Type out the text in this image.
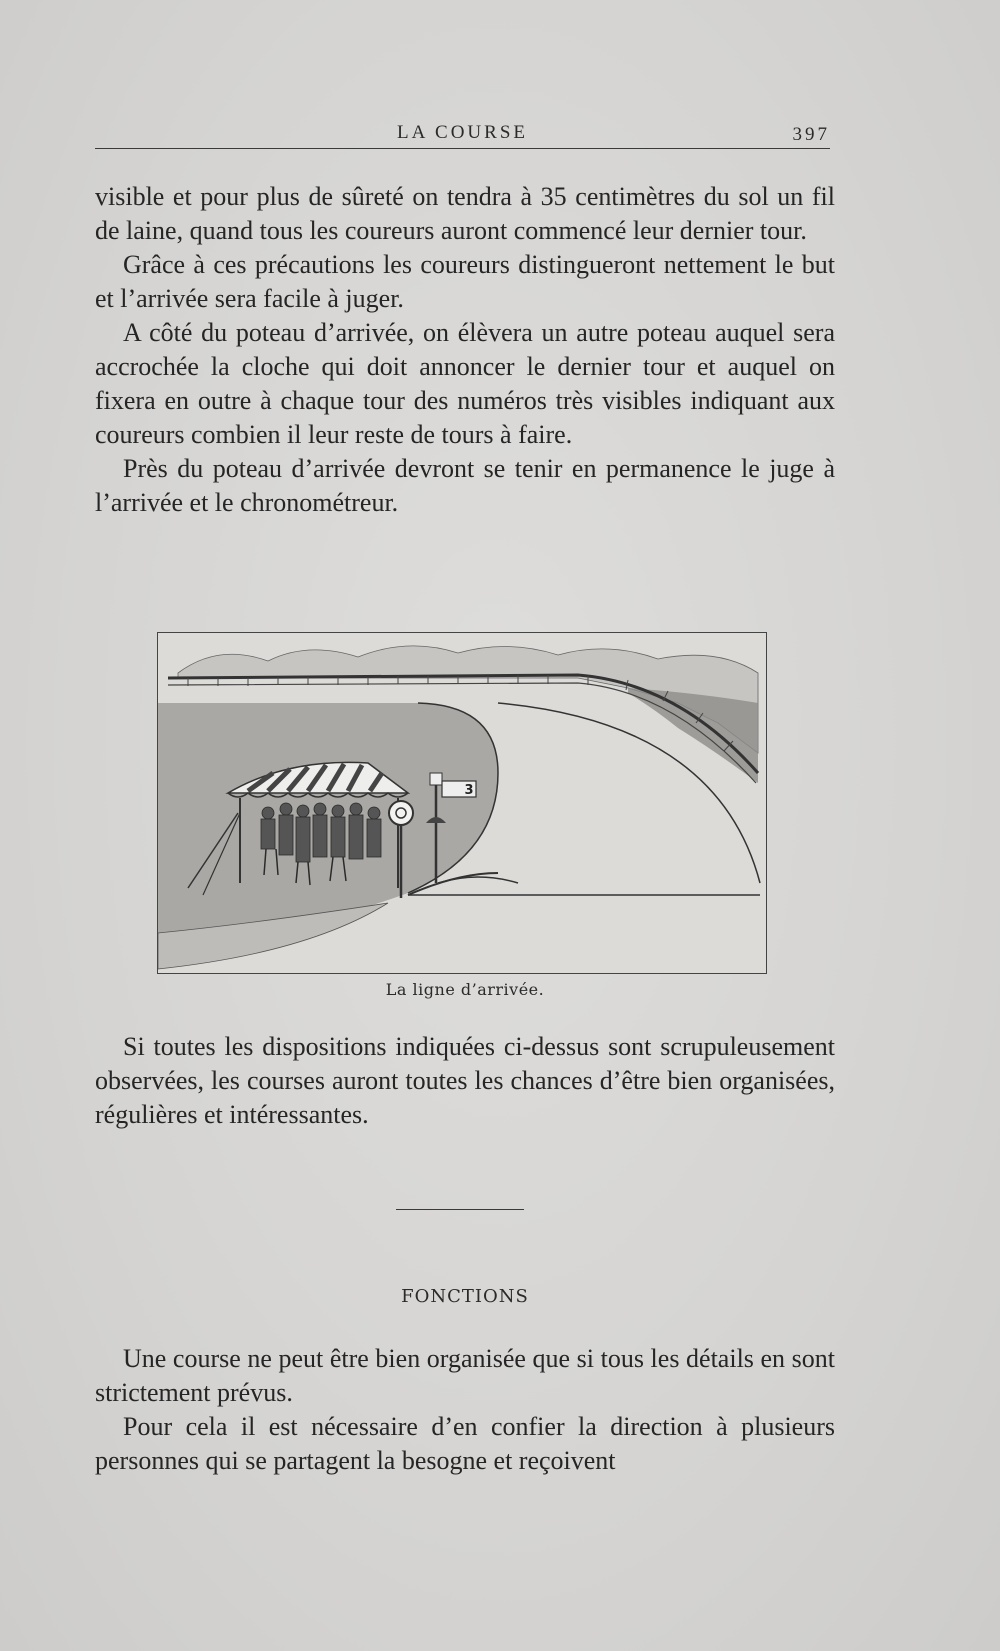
LA COURSE	397

visible et pour plus de sûreté on tendra à 35 centimètres du sol un fil de laine, quand tous les coureurs auront commencé leur dernier tour.

Grâce à ces précautions les coureurs distingueront nettement le but et l’arrivée sera facile à juger.

A côté du poteau d’arrivée, on élèvera un autre poteau auquel sera accrochée la cloche qui doit annoncer le dernier tour et auquel on fixera en outre à chaque tour des numéros très visibles indiquant aux coureurs combien il leur reste de tours à faire.

Près du poteau d’arrivée devront se tenir en permanence le juge à l’arrivée et le chronométreur.

3
La ligne d’arrivée.

Si toutes les dispositions indiquées ci-dessus sont scrupuleusement observées, les courses auront toutes les chances d’être bien organisées, régulières et intéressantes.

FONCTIONS

Une course ne peut être bien organisée que si tous les détails en sont strictement prévus.

Pour cela il est nécessaire d’en confier la direction à plusieurs personnes qui se partagent la besogne et reçoivent
